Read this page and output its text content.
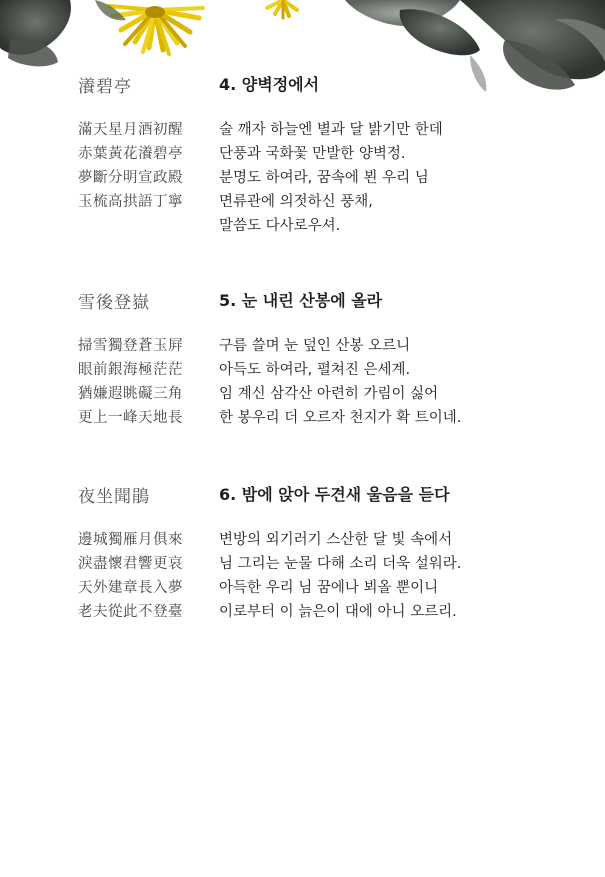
瀁碧亭	4. 양벽정에서
滿天星月酒初醒 술 깨자 하늘엔 별과 달 밝기만 한데
赤葉黃花瀁碧亭 단풍과 국화꽃 만발한 양벽정.
夢斷分明宣政殿 분명도 하여라, 꿈속에 뵌 우리 님
玉梳高拱語丁寧 면류관에 의젓하신 풍채,
말씀도 다사로우셔.
雪後登嶽	5. 눈 내린 산봉에 올라
掃雪獨登蒼玉屛 구름 쓸며 눈 덮인 산봉 오르니
眼前銀海極茫茫 아득도 하여라, 펼쳐진 은세계.
猶嫌遐眺礙三角 임 계신 삼각산 아련히 가림이 싫어
更上一峰天地長 한 봉우리 더 오르자 천지가 확 트이네.
夜坐聞鵑	6. 밤에 앉아 두견새 울음을 듣다
邊城獨雁月俱來 변방의 외기러기 스산한 달 빛 속에서
淚盡懷君響更哀 님 그리는 눈물 다해 소리 더욱 설워라.
天外建章長入夢 아득한 우리 님 꿈에나 뵈올 뿐이니
老夫從此不登臺 이로부터 이 늙은이 대에 아니 오르리.
